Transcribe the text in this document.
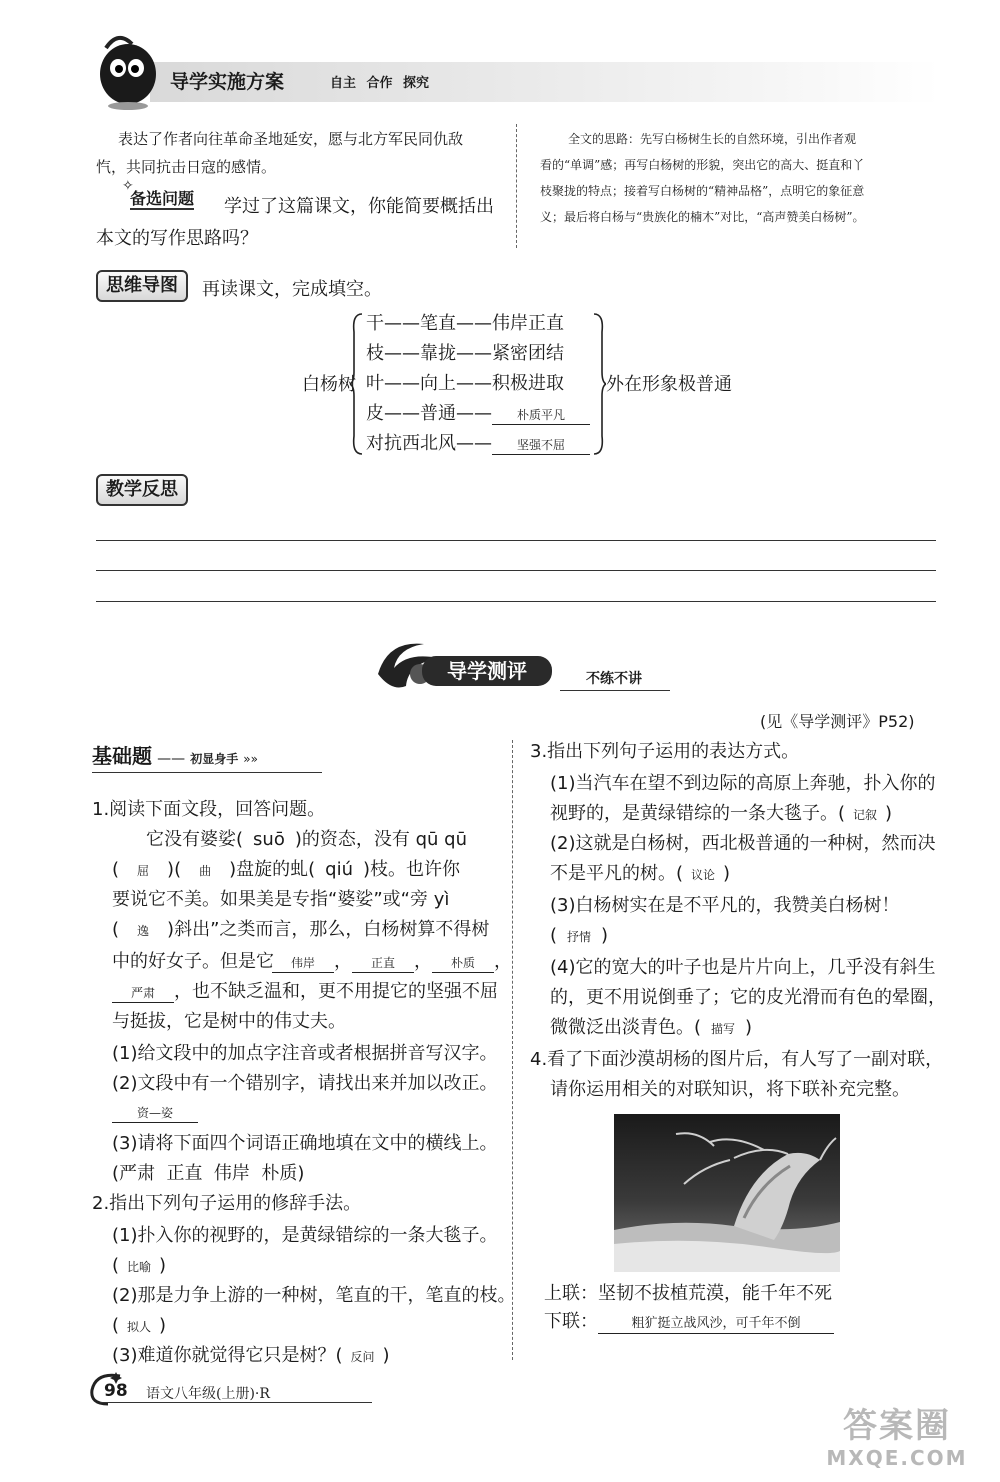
导学实施方案	自主 合作 探究
表达了作者向往革命圣地延安，愿与北方军民同仇敌
忾，共同抗击日寇的感情。
✧
备选问题 学过了这篇课文，你能简要概括出
本文的写作思路吗？
全文的思路：先写白杨树生长的自然环境，引出作者观
看的“单调”感；再写白杨树的形貌，突出它的高大、挺直和丫
枝聚拢的特点；接着写白杨树的“精神品格”，点明它的象征意
义；最后将白杨与“贵族化的楠木”对比，“高声赞美白杨树”。
思维导图	再读课文，完成填空。
白杨树	外在形象极普通
干——笔直——伟岸正直
枝——靠拢——紧密团结
叶——向上——积极进取
皮——普通—— 朴质平凡
对抗西北风—— 坚强不屈
教学反思
导学测评	不练不讲
(见《导学测评》P52)
基础题 —— 初显身手 »»
1.阅读下面文段，回答问题。
它没有婆娑( suō )的资态，没有 qū qū
( 屈 )( 曲 )盘旋的虬( qiú )枝。也许你
要说它不美。如果美是专指“婆娑”或“旁 yì
( 逸 )斜出”之类而言，那么，白杨树算不得树
中的好女子。但是它	伟岸 ， 正直 ， 朴质 ，
严肃 ，也不缺乏温和，更不用提它的坚强不屈
与挺拔，它是树中的伟丈夫。
(1)给文段中的加点字注音或者根据拼音写汉字。
(2)文段中有一个错别字，请找出来并加以改正。
资—姿
(3)请将下面四个词语正确地填在文中的横线上。
(严肃  正直  伟岸  朴质)
2.指出下列句子运用的修辞手法。
(1)扑入你的视野的，是黄绿错综的一条大毯子。
( 比喻 )
(2)那是力争上游的一种树，笔直的干，笔直的枝。
( 拟人 )
(3)难道你就觉得它只是树？( 反问 )
3.指出下列句子运用的表达方式。
(1)当汽车在望不到边际的高原上奔驰，扑入你的
视野的，是黄绿错综的一条大毯子。( 记叙 )
(2)这就是白杨树，西北极普通的一种树，然而决
不是平凡的树。( 议论 )
(3)白杨树实在是不平凡的，我赞美白杨树！
( 抒情 )
(4)它的宽大的叶子也是片片向上，几乎没有斜生
的，更不用说倒垂了；它的皮光滑而有色的晕圈，
微微泛出淡青色。( 描写 )
4.看了下面沙漠胡杨的图片后，有人写了一副对联，
请你运用相关的对联知识，将下联补充完整。
上联：坚韧不拔植荒漠，能千年不死
下联：	粗犷挺立战风沙，可千年不倒
98 语文八年级(上册)·R
答案圈
MXQE.COM
